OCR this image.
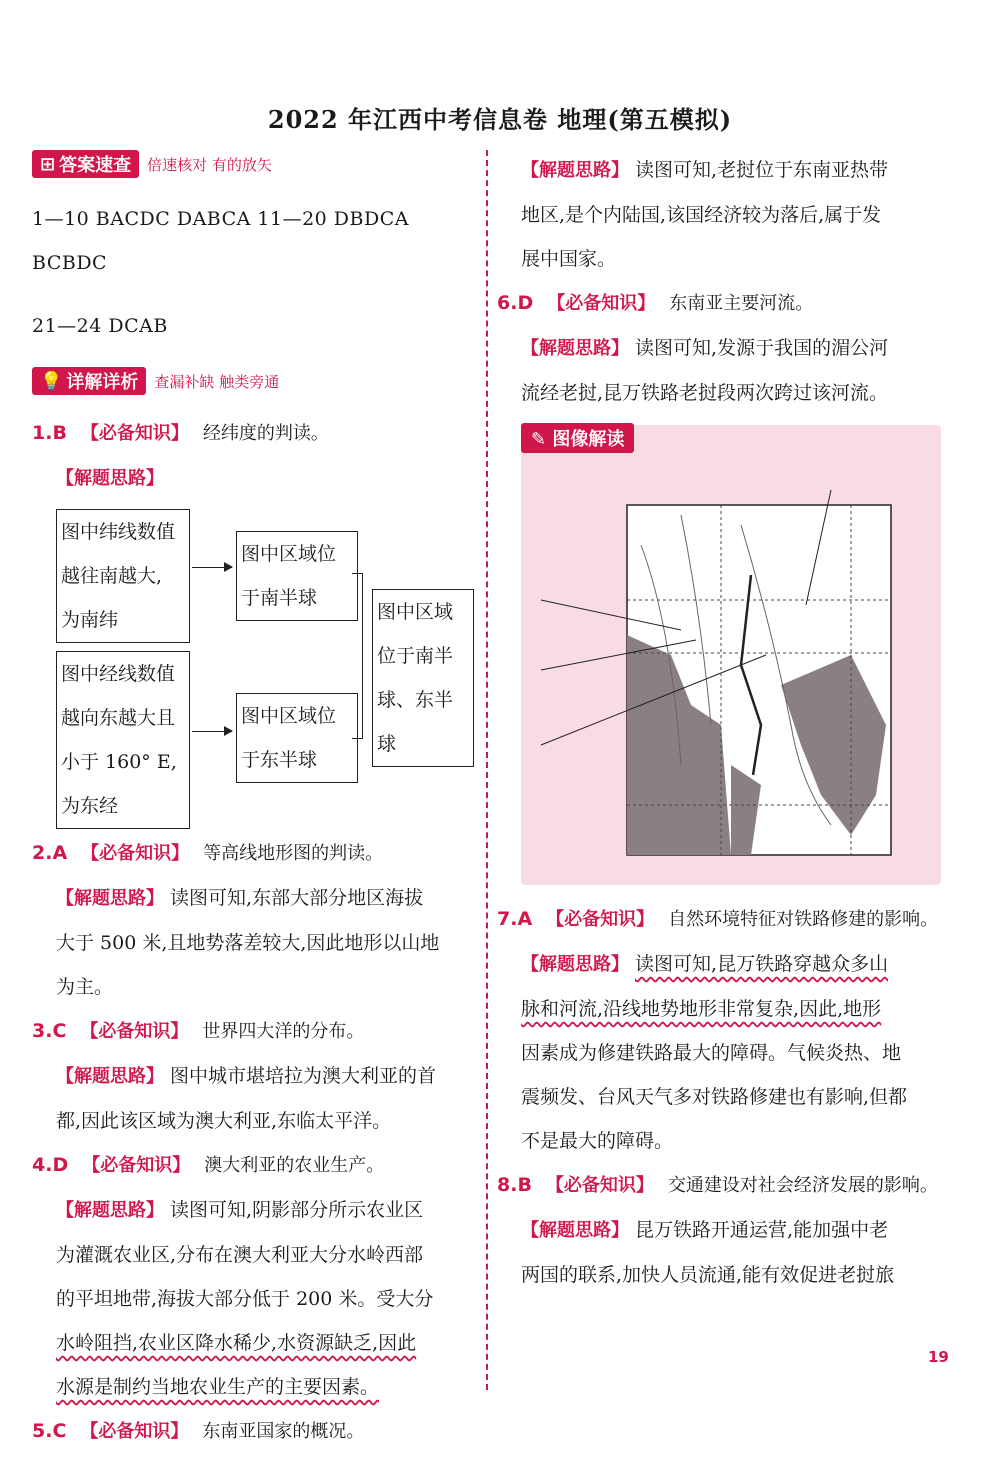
2022 年江西中考信息卷 地理(第五模拟)
⊞ 答案速查 倍速核对 有的放矢

1—10 BACDC DABCA 11—20 DBDCA BCBDC

21—24 DCAB

💡 详解详析 查漏补缺 触类旁通
1.B 【必备知识】 经纬度的判读。

【解题思路】

图中纬线数值
越往南越大,
为南纬
图中区域位
于南半球
图中经线数值
越向东越大且
小于 160° E,
为东经
图中区域位
于东半球
图中区域
位于南半
球、东半球
2.A 【必备知识】 等高线地形图的判读。

【解题思路】 读图可知,东部大部分地区海拔

大于 500 米,且地势落差较大,因此地形以山地

为主。

3.C 【必备知识】 世界四大洋的分布。

【解题思路】 图中城市堪培拉为澳大利亚的首

都,因此该区域为澳大利亚,东临太平洋。

4.D 【必备知识】 澳大利亚的农业生产。

【解题思路】 读图可知,阴影部分所示农业区

为灌溉农业区,分布在澳大利亚大分水岭西部

的平坦地带,海拔大部分低于 200 米。受大分

水岭阻挡,农业区降水稀少,水资源缺乏,因此

水源是制约当地农业生产的主要因素。

5.C 【必备知识】 东南亚国家的概况。

【解题思路】 读图可知,老挝位于东南亚热带

地区,是个内陆国,该国经济较为落后,属于发

展中国家。

6.D 【必备知识】 东南亚主要河流。

【解题思路】 读图可知,发源于我国的湄公河

流经老挝,昆万铁路老挝段两次跨过该河流。

✎ 图像解读
7.A 【必备知识】 自然环境特征对铁路修建的影响。

【解题思路】 读图可知,昆万铁路穿越众多山

脉和河流,沿线地势地形非常复杂,因此,地形

因素成为修建铁路最大的障碍。气候炎热、地

震频发、台风天气多对铁路修建也有影响,但都

不是最大的障碍。

8.B 【必备知识】 交通建设对社会经济发展的影响。

【解题思路】 昆万铁路开通运营,能加强中老

两国的联系,加快人员流通,能有效促进老挝旅

19
